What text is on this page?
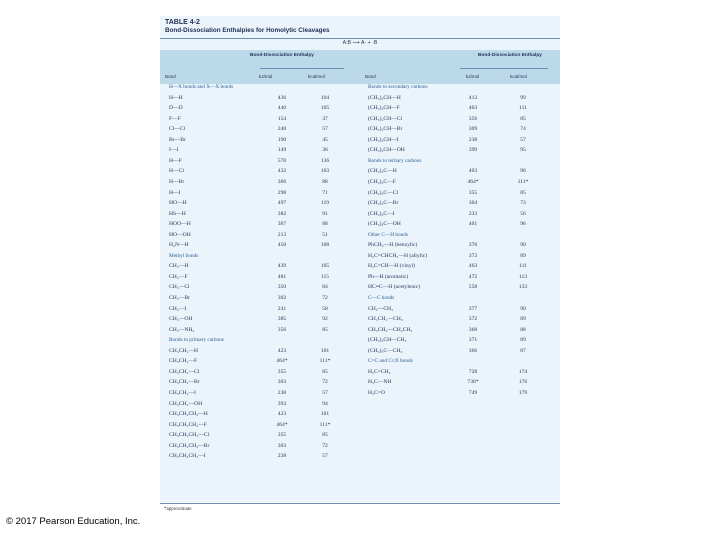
TABLE 4-2
Bond-Dissociation Enthalpies for Homolytic Cleavages
A:B ⟶ A· + ·B
Bond-Dissociation Enthalpy	Bond-Dissociation Enthalpy
Bond	kJ/mol	kcal/mol	Bond	kJ/mol	kcal/mol
H—X bonds and X—X bonds
H—H	436	104
D—D	440	105
F—F	154	37
Cl—Cl	240	57
Br—Br	190	45
I—I	149	36
H—F	570	136
H—Cl	432	103
H—Br	366	88
H—I	298	71
HO—H	497	119
HS—H	382	91
HOO—H	367	88
HO—OH	213	51
H₂N—H	450	108
Methyl bonds
CH₃—H	439	105
CH₃—F	481	115
CH₃—Cl	350	84
CH₃—Br	302	72
CH₃—I	241	58
CH₃—OH	385	92
CH₃—NH₂	356	85
Bonds to primary carbons
CH₃CH₂—H	423	101
CH₃CH₂—F	464*	111*
CH₃CH₂—Cl	355	85
CH₃CH₂—Br	303	72
CH₃CH₂—I	238	57
CH₃CH₂—OH	393	94
CH₃CH₂CH₂—H	423	101
CH₃CH₂CH₂—F	464*	111*
CH₃CH₂CH₂—Cl	355	85
CH₃CH₂CH₂—Br	303	72
CH₃CH₂CH₂—I	238	57
Bonds to secondary carbons
(CH₃)₂CH—H	413	99
(CH₃)₂CH—F	463	111
(CH₃)₂CH—Cl	356	85
(CH₃)₂CH—Br	309	74
(CH₃)₂CH—I	238	57
(CH₃)₂CH—OH	399	95
Bonds to tertiary carbons
(CH₃)₃C—H	403	96
(CH₃)₃C—F	464*	111*
(CH₃)₃C—Cl	355	85
(CH₃)₃C—Br	304	73
(CH₃)₃C—I	233	56
(CH₃)₃C—OH	401	96
Other C—H bonds
PhCH₂—H (benzylic)	376	90
H₂C=CHCH₂—H (allylic)	372	89
H₂C=CH—H (vinyl)	463	111
Ph—H (aromatic)	472	113
HC≡C—H (acetylenic)	558	133
C—C bonds
CH₃—CH₃	377	90
CH₃CH₂—CH₃	372	89
CH₃CH₂—CH₂CH₃	368	88
(CH₃)₂CH—CH₃	371	89
(CH₃)₃C—CH₃	366	87
C=C and C≡X bonds
H₂C=CH₂	728	174
H₃C—NH	736*	176
H₃C=O	749	179
*approximate
© 2017 Pearson Education, Inc.
